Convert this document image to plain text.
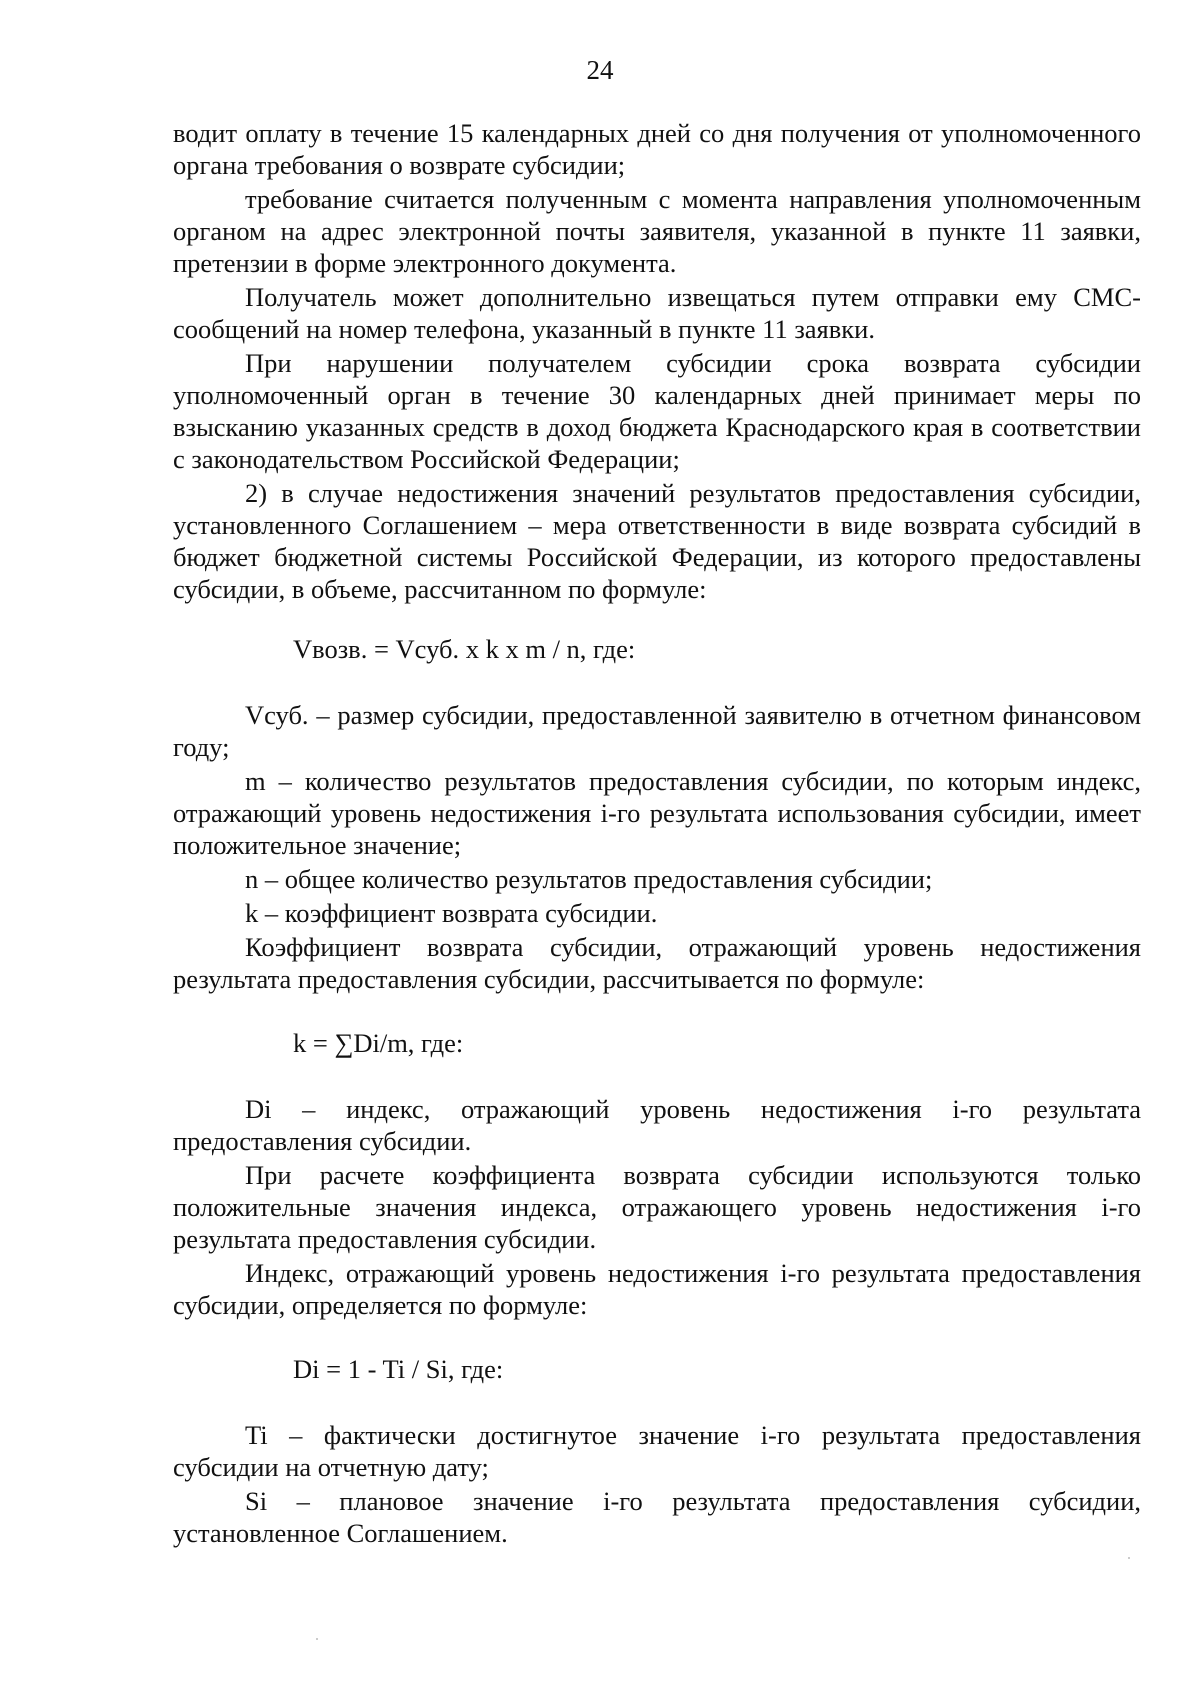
24

водит оплату в течение 15 календарных дней со дня получения от уполномоченного органа требования о возврате субсидии;

требование считается полученным с момента направления уполномоченным органом на адрес электронной почты заявителя, указанной в пункте 11 заявки, претензии в форме электронного документа.

Получатель может дополнительно извещаться путем отправки ему СМС-сообщений на номер телефона, указанный в пункте 11 заявки.

При нарушении получателем субсидии срока возврата субсидии уполномоченный орган в течение 30 календарных дней принимает меры по взысканию указанных средств в доход бюджета Краснодарского края в соответствии с законодательством Российской Федерации;

2) в случае недостижения значений результатов предоставления субсидии, установленного Соглашением – мера ответственности в виде возврата субсидий в бюджет бюджетной системы Российской Федерации, из которого предоставлены субсидии, в объеме, рассчитанном по формуле:

Vвозв. = Vсуб. x k x m / n, где:

Vсуб. – размер субсидии, предоставленной заявителю в отчетном финансовом году;

m – количество результатов предоставления субсидии, по которым индекс, отражающий уровень недостижения i-го результата использования субсидии, имеет положительное значение;

n – общее количество результатов предоставления субсидии;

k – коэффициент возврата субсидии.

Коэффициент возврата субсидии, отражающий уровень недостижения результата предоставления субсидии, рассчитывается по формуле:

k = ∑Di/m, где:

Di – индекс, отражающий уровень недостижения i-го результата предоставления субсидии.

При расчете коэффициента возврата субсидии используются только положительные значения индекса, отражающего уровень недостижения i-го результата предоставления субсидии.

Индекс, отражающий уровень недостижения i-го результата предоставления субсидии, определяется по формуле:

Di = 1 - Ti / Si, где:

Ti – фактически достигнутое значение i-го результата предоставления субсидии на отчетную дату;

Si – плановое значение i-го результата предоставления субсидии, установленное Соглашением.
